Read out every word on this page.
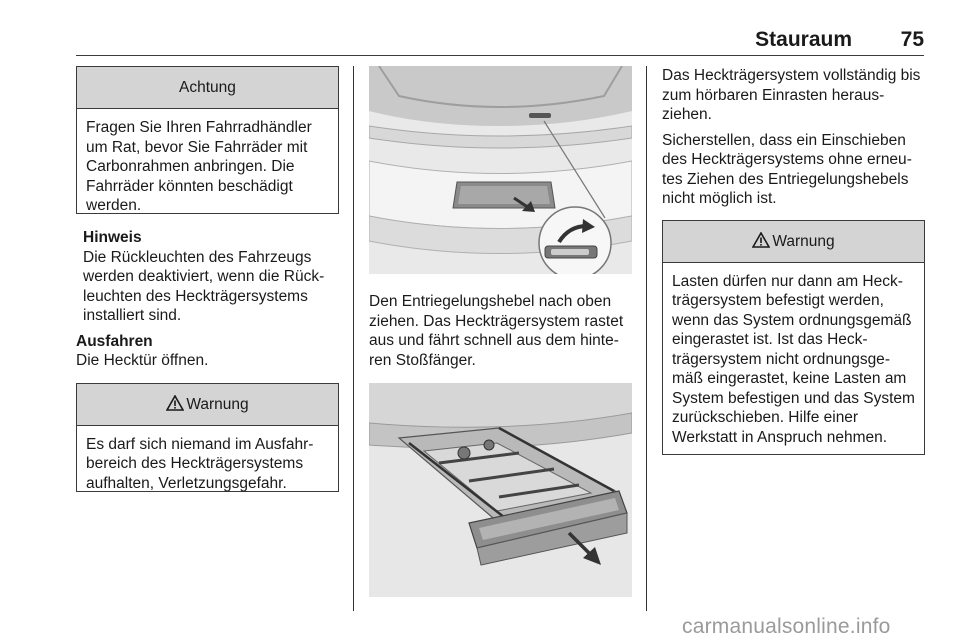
Stauraum 75
Achtung
Fragen Sie Ihren Fahrradhändler um Rat, bevor Sie Fahrräder mit Carbonrahmen anbringen. Die Fahrräder könnten beschädigt werden.
Hinweis
Die Rückleuchten des Fahrzeugs werden deaktiviert, wenn die Rückleuchten des Heckträgersystems installiert sind.
Ausfahren
Die Hecktür öffnen.
Warnung
Es darf sich niemand im Ausfahrbereich des Heckträgersystems aufhalten, Verletzungsgefahr.
Den Entriegelungshebel nach oben ziehen. Das Heckträgersystem rastet aus und fährt schnell aus dem hinteren Stoßfänger.
Das Heckträgersystem vollständig bis zum hörbaren Einrasten herausziehen.
Sicherstellen, dass ein Einschieben des Heckträgersystems ohne erneutes Ziehen des Entriegelungshebels nicht möglich ist.
Warnung
Lasten dürfen nur dann am Heckträgersystem befestigt werden, wenn das System ordnungsgemäß eingerastet ist. Ist das Heckträgersystem nicht ordnungsgemäß eingerastet, keine Lasten am System befestigen und das System zurückschieben. Hilfe einer Werkstatt in Anspruch nehmen.
carmanualsonline.info
